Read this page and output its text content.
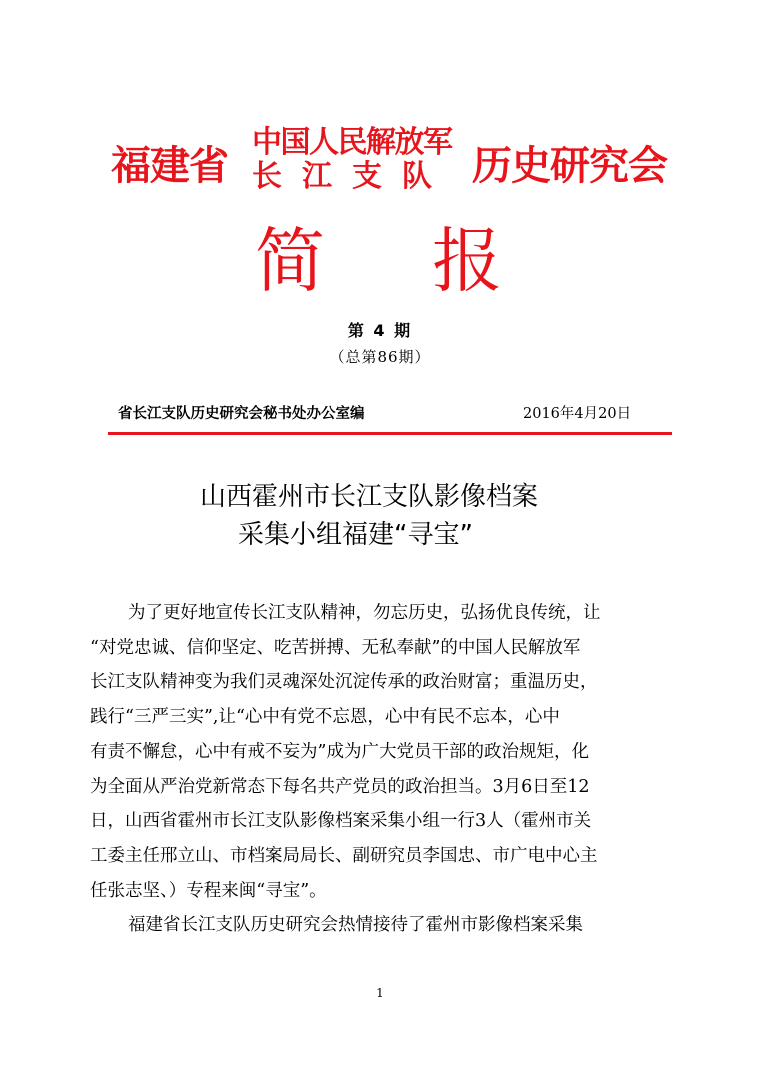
福建省
中国人民解放军
长江支队 历史研究会
简 报
第 4 期
（总第86期）
省长江支队历史研究会秘书处办公室编	2016年4月20日
山西霍州市长江支队影像档案
采集小组福建“寻宝”
为了更好地宣传长江支队精神，勿忘历史，弘扬优良传统，让
“对党忠诚、信仰坚定、吃苦拼搏、无私奉献”的中国人民解放军
长江支队精神变为我们灵魂深处沉淀传承的政治财富；重温历史，
践行“三严三实”,让“心中有党不忘恩，心中有民不忘本，心中
有责不懈怠，心中有戒不妄为”成为广大党员干部的政治规矩，化
为全面从严治党新常态下每名共产党员的政治担当。3月6日至12
日，山西省霍州市长江支队影像档案采集小组一行3人（霍州市关
工委主任邢立山、市档案局局长、副研究员李国忠、市广电中心主
任张志坚、）专程来闽“寻宝”。
福建省长江支队历史研究会热情接待了霍州市影像档案采集
1
